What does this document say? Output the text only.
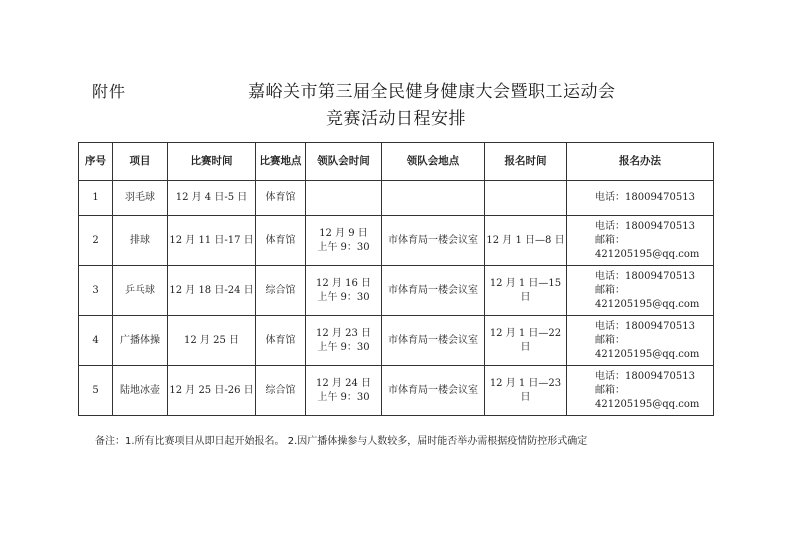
附件	嘉峪关市第三届全民健身健康大会暨职工运动会
竞赛活动日程安排
序号	项目	比赛时间	比赛地点	领队会时间	领队会地点	报名时间	报名办法
1	羽毛球	12 月 4 日-5 日	体育馆				电话：18009470513

2	排球	12 月 11 日-17 日	体育馆	12 月 9 日
上午 9：30	市体育局一楼会议室	12 月 1 日—8 日	电话：18009470513
邮箱：421205195@qq.com

3	乒乓球	12 月 18 日-24 日	综合馆	12 月 16 日
上午 9：30	市体育局一楼会议室	12 月 1 日—15
日	电话：18009470513
邮箱：421205195@qq.com

4	广播体操	12 月 25 日	体育馆	12 月 23 日
上午 9：30	市体育局一楼会议室	12 月 1 日—22
日	电话：18009470513
邮箱：421205195@qq.com

5	陆地冰壶	12 月 25 日-26 日	综合馆	12 月 24 日
上午 9：30	市体育局一楼会议室	12 月 1 日—23
日	电话：18009470513
邮箱：421205195@qq.com
备注：1.所有比赛项目从即日起开始报名。 2.因广播体操参与人数较多，届时能否举办需根据疫情防控形式确定
